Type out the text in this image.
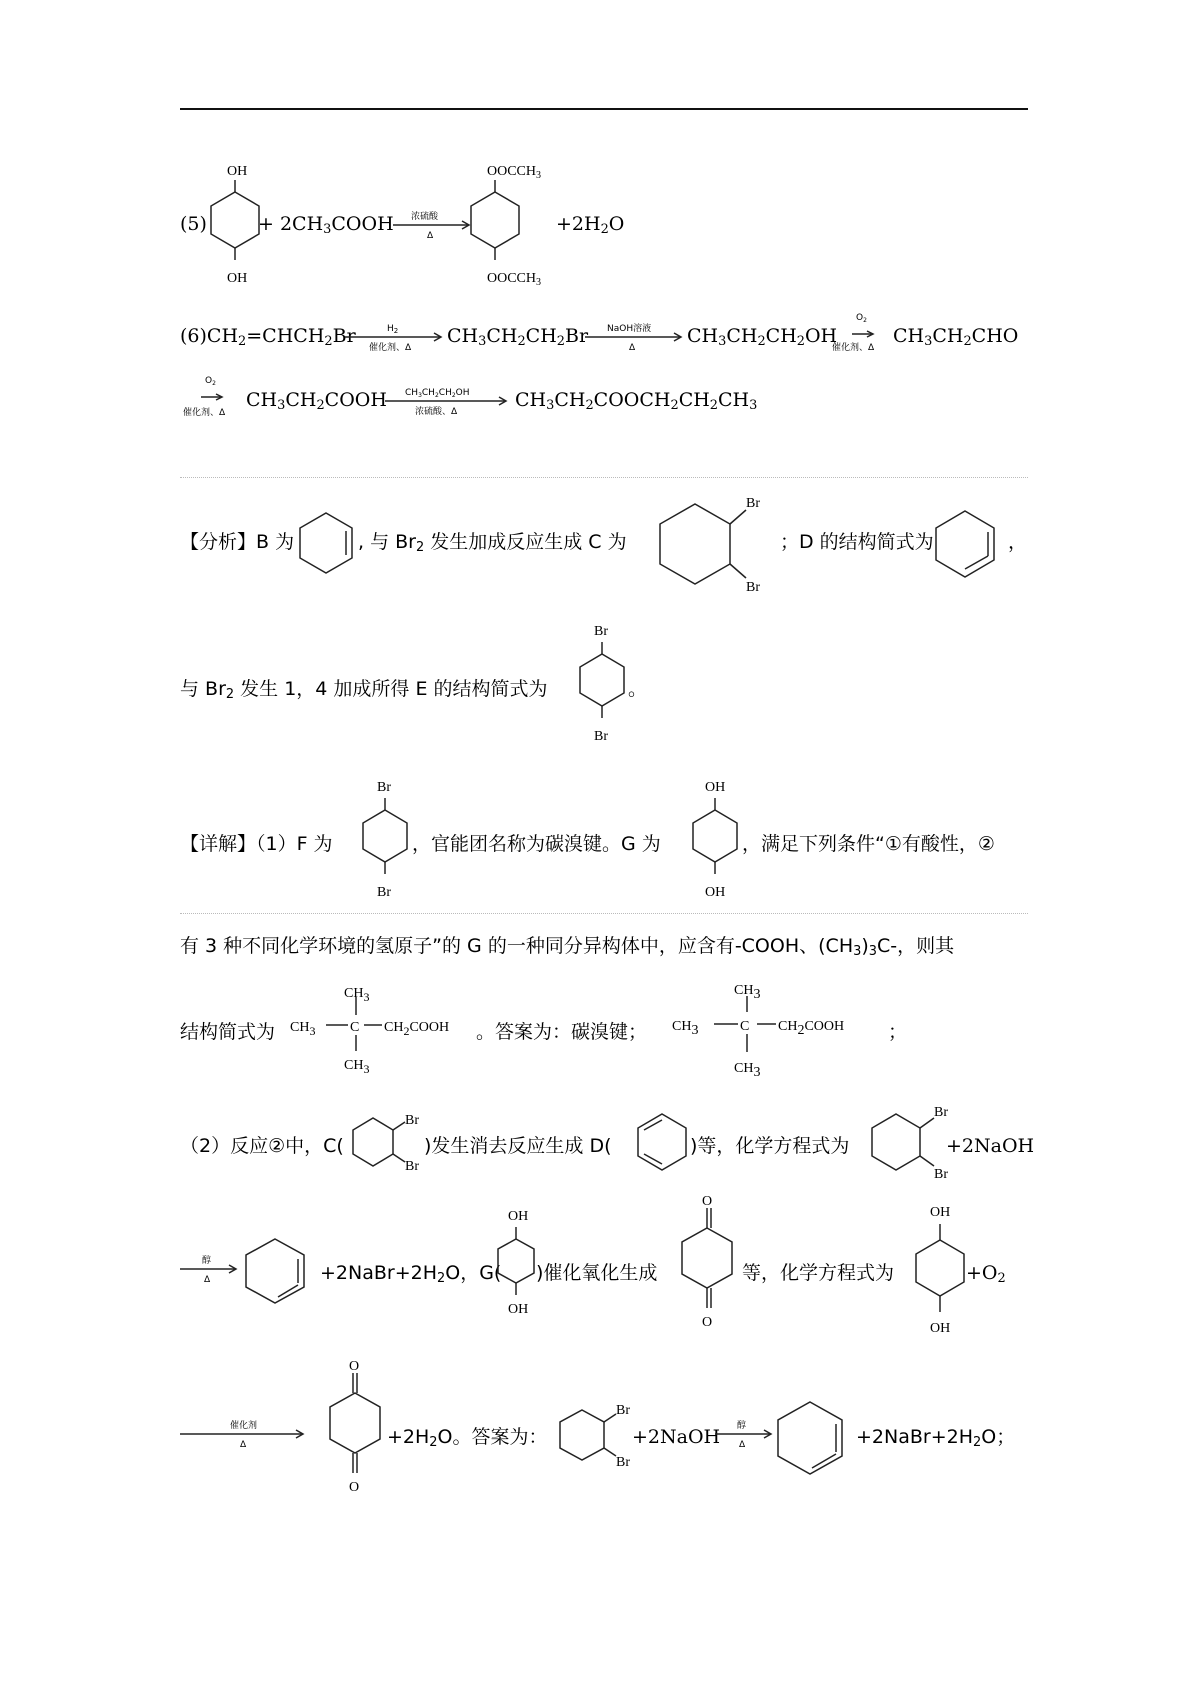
(5)
OH
OH
+ $2CH_3COOH$ 浓硫酸
Δ
$OOCCH_3$
$OOCCH_3$
$+2H_2O$
$(6)CH_2=CHCH_2Br$	$H_2$
催化剂、Δ
$CH_3CH_2CH_2Br$ NaOH溶液
Δ
$CH_3CH_2CH_2OH$
$O_2$
催化剂、Δ
$CH_3CH_2CHO$
$O_2$
催化剂、Δ
$CH_3CH_2COOH$ $CH_3CH_2CH_2OH$
浓硫酸、Δ
$CH_3CH_2COOCH_2CH_2CH_3$
【分析】B 为	, 与 $Br_2$ 发生加成反应生成 C 为
Br
Br
；D 的结构简式为	，
与 $Br_2$ 发生 1，4 加成所得 E 的结构简式为
Br
Br
。
【详解】（1）F 为
Br
Br
，官能团名称为碳溴键。G 为
OH
OH
，满足下列条件“①有酸性，②
有 3 种不同化学环境的氢原子”的 G 的一种同分异构体中，应含有-COOH、$(CH_3)_3C-$，则其
结构简式为 CH3 C
CH3
CH3
CH2COOH 。答案为：碳溴键； CH3	C
CH3
CH3
CH2COOH ；
（2）反应②中，C(
Br
Br
)发生消去反应生成 D(	)等，化学方程式为
Br
Br
+2NaOH
醇
Δ	$+2NaBr+2H_2O$，G(
OH
OH
)催化氧化生成
O
O
等，化学方程式为
OH
OH
$+O_2$
催化剂
Δ
O
O
$+2H_2O$。答案为：
Br
Br
+2NaOH 醇
Δ	$+2NaBr+2H_2O$；
